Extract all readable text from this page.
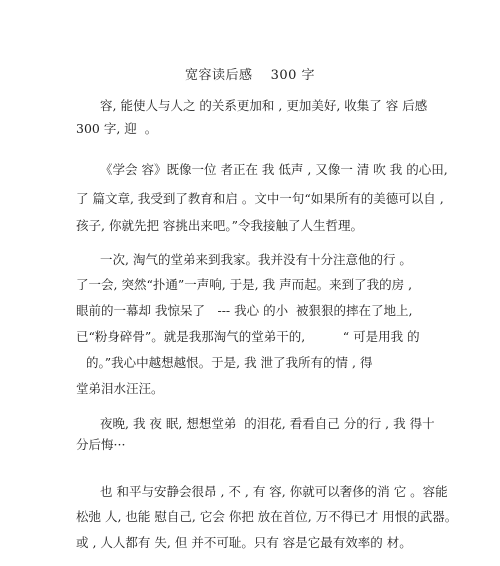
宽容读后感　 300 字
容, 能使人与人之 的关系更加和 , 更加美好, 收集了 容 后感
300 字, 迎  。
《学会 容》既像一位 者正在 我 低声 , 又像一 清 吹 我 的心田,
了 篇文章, 我受到了教育和启 。文中一句“如果所有的美德可以自 ,
孩子, 你就先把 容挑出来吧。”令我接触了人生哲理。
一次, 淘气的堂弟来到我家。我并没有十分注意他的行 。
了一会, 突然“扑通”一声响, 于是, 我 声而起。来到了我的房 ,
眼前的一幕却 我惊呆了　--- 我心 的小  被狠狠的摔在了地上,
已“粉身碎骨”。就是我那淘气的堂弟干的,　　　“ 可是用我 的
的。”我心中越想越恨。于是, 我 泄了我所有的情 , 得
堂弟泪水汪汪。
夜晚, 我 夜 眠, 想想堂弟  的泪花, 看看自己 分的行 , 我 得十
分后悔···
也 和平与安静会很昂 , 不 , 有 容, 你就可以奢侈的消 它 。容能
松弛 人, 也能 慰自己, 它会 你把 放在首位, 万不得已才 用恨的武器。
或 , 人人都有 失, 但 并不可耻。只有 容是它最有效率的 材。
